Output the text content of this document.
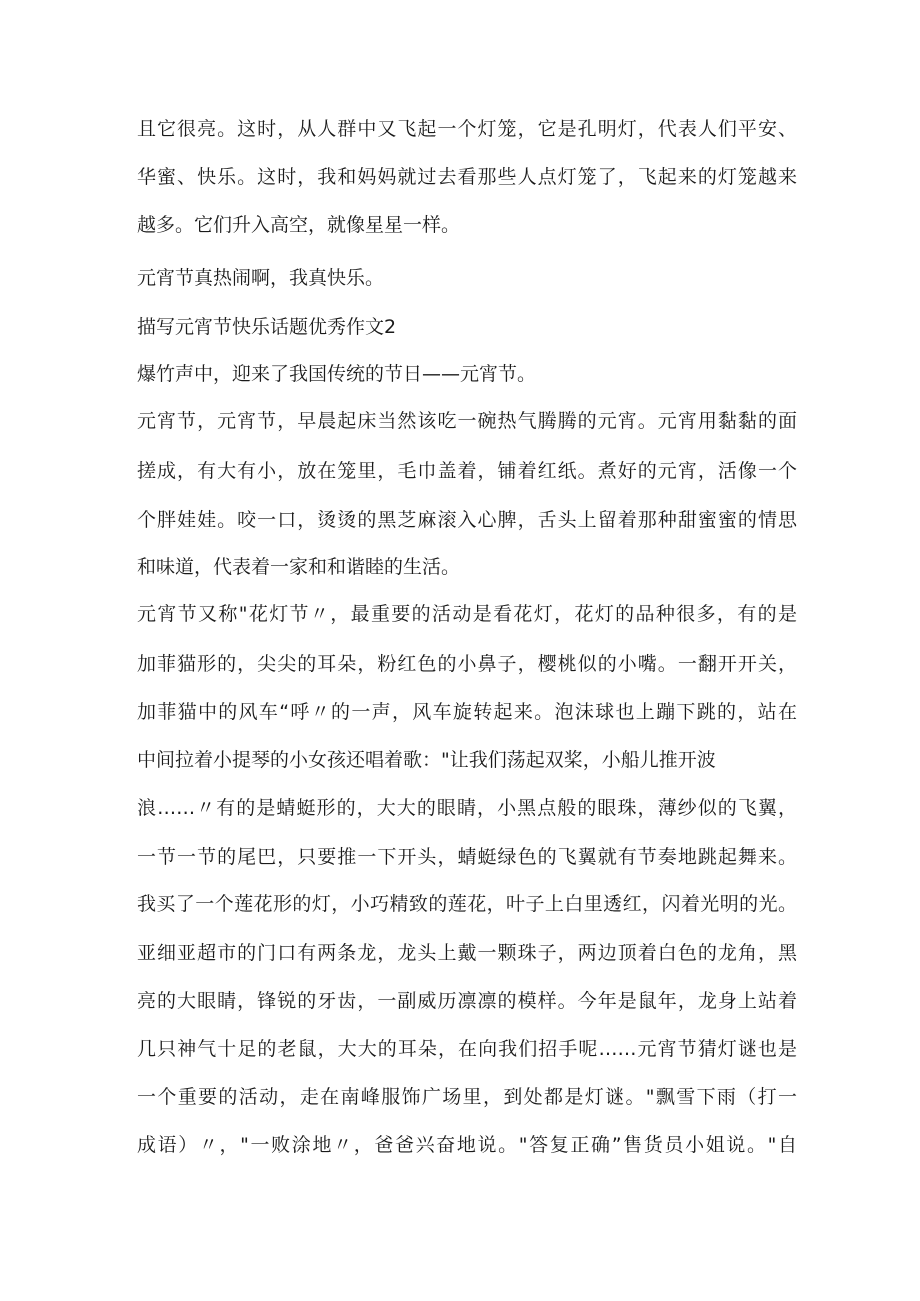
且它很亮。这时，从人群中又飞起一个灯笼，它是孔明灯，代表人们平安、
华蜜、快乐。这时，我和妈妈就过去看那些人点灯笼了，飞起来的灯笼越来
越多。它们升入高空，就像星星一样。
元宵节真热闹啊，我真快乐。
描写元宵节快乐话题优秀作文2
爆竹声中，迎来了我国传统的节日——元宵节。
元宵节，元宵节，早晨起床当然该吃一碗热气腾腾的元宵。元宵用黏黏的面
搓成，有大有小，放在笼里，毛巾盖着，铺着红纸。煮好的元宵，活像一个
个胖娃娃。咬一口，烫烫的黑芝麻滚入心脾，舌头上留着那种甜蜜蜜的情思
和味道，代表着一家和和谐睦的生活。
元宵节又称"花灯节〃，最重要的活动是看花灯，花灯的品种很多，有的是
加菲猫形的，尖尖的耳朵，粉红色的小鼻子，樱桃似的小嘴。一翻开开关，
加菲猫中的风车“呼〃的一声，风车旋转起来。泡沫球也上蹦下跳的，站在
中间拉着小提琴的小女孩还唱着歌："让我们荡起双桨，小船儿推开波
浪……〃有的是蜻蜓形的，大大的眼睛，小黑点般的眼珠，薄纱似的飞翼，
一节一节的尾巴，只要推一下开头，蜻蜓绿色的飞翼就有节奏地跳起舞来。
我买了一个莲花形的灯，小巧精致的莲花，叶子上白里透红，闪着光明的光。
亚细亚超市的门口有两条龙，龙头上戴一颗珠子，两边顶着白色的龙角，黑
亮的大眼睛，锋锐的牙齿，一副威历凛凛的模样。今年是鼠年，龙身上站着
几只神气十足的老鼠，大大的耳朵，在向我们招手呢……元宵节猜灯谜也是
一个重要的活动，走在南峰服饰广场里，到处都是灯谜。"飘雪下雨（打一
成语）〃，"一败涂地〃，爸爸兴奋地说。"答复正确”售货员小姐说。"自
